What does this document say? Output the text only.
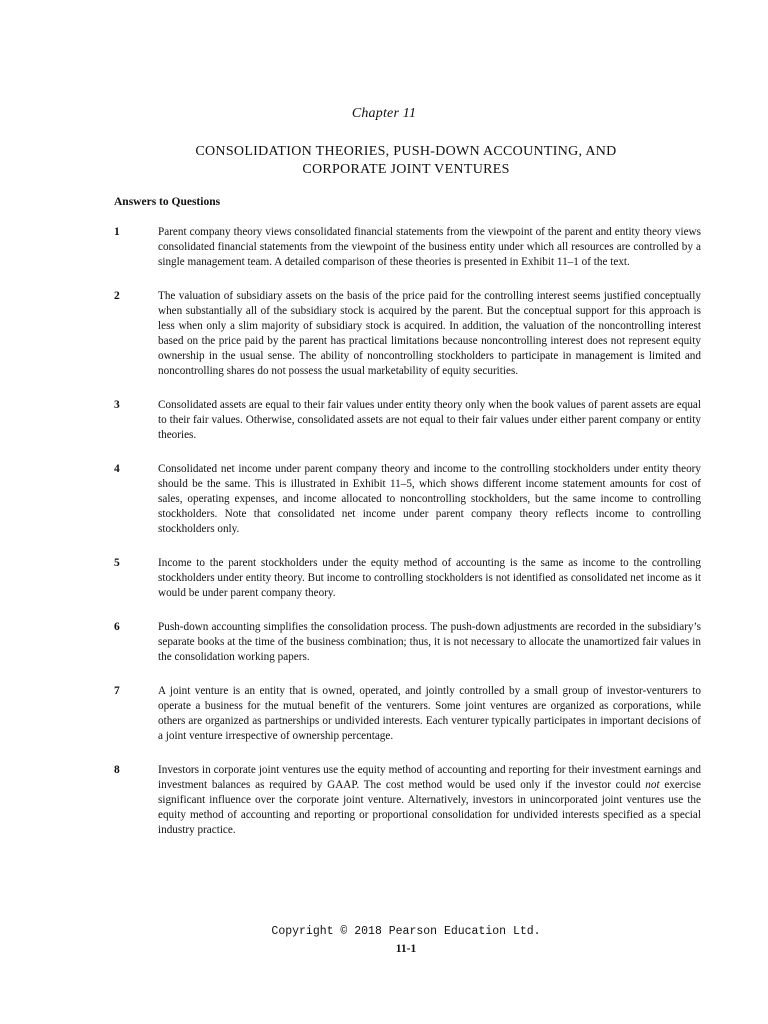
Chapter 11
CONSOLIDATION THEORIES, PUSH-DOWN ACCOUNTING, AND
CORPORATE JOINT VENTURES
Answers to Questions
1	Parent company theory views consolidated financial statements from the viewpoint of the parent and entity theory views consolidated financial statements from the viewpoint of the business entity under which all resources are controlled by a single management team. A detailed comparison of these theories is presented in Exhibit 11–1 of the text.
2	The valuation of subsidiary assets on the basis of the price paid for the controlling interest seems justified conceptually when substantially all of the subsidiary stock is acquired by the parent. But the conceptual support for this approach is less when only a slim majority of subsidiary stock is acquired. In addition, the valuation of the noncontrolling interest based on the price paid by the parent has practical limitations because noncontrolling interest does not represent equity ownership in the usual sense. The ability of noncontrolling stockholders to participate in management is limited and noncontrolling shares do not possess the usual marketability of equity securities.
3	Consolidated assets are equal to their fair values under entity theory only when the book values of parent assets are equal to their fair values. Otherwise, consolidated assets are not equal to their fair values under either parent company or entity theories.
4	Consolidated net income under parent company theory and income to the controlling stockholders under entity theory should be the same. This is illustrated in Exhibit 11–5, which shows different income statement amounts for cost of sales, operating expenses, and income allocated to noncontrolling stockholders, but the same income to controlling stockholders. Note that consolidated net income under parent company theory reflects income to controlling stockholders only.
5	Income to the parent stockholders under the equity method of accounting is the same as income to the controlling stockholders under entity theory. But income to controlling stockholders is not identified as consolidated net income as it would be under parent company theory.
6	Push-down accounting simplifies the consolidation process. The push-down adjustments are recorded in the subsidiary’s separate books at the time of the business combination; thus, it is not necessary to allocate the unamortized fair values in the consolidation working papers.
7	A joint venture is an entity that is owned, operated, and jointly controlled by a small group of investor-venturers to operate a business for the mutual benefit of the venturers. Some joint ventures are organized as corporations, while others are organized as partnerships or undivided interests. Each venturer typically participates in important decisions of a joint venture irrespective of ownership percentage.
8	Investors in corporate joint ventures use the equity method of accounting and reporting for their investment earnings and investment balances as required by GAAP. The cost method would be used only if the investor could not exercise significant influence over the corporate joint venture. Alternatively, investors in unincorporated joint ventures use the equity method of accounting and reporting or proportional consolidation for undivided interests specified as a special industry practice.
Copyright © 2018 Pearson Education Ltd.
11-1
